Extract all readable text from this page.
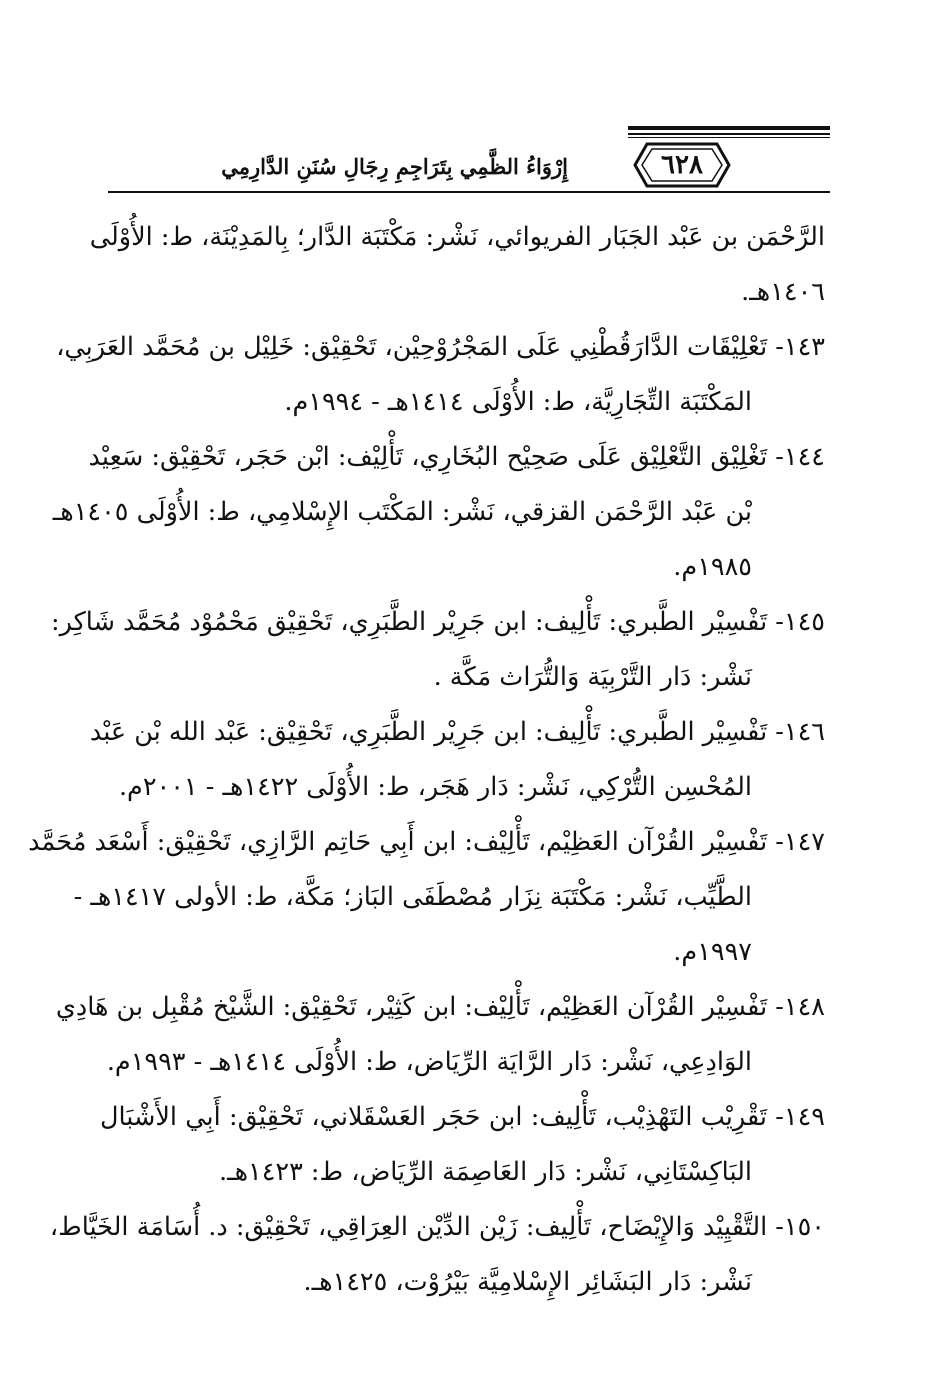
٦٢٨
إِرْوَاءُ الظَّمِي بِتَرَاجِمِ رِجَالِ سُنَنِ الدَّارِمِي
الرَّحْمَن بن عَبْد الجَبَار الفريوائي، نَشْر: مَكْتَبَة الدَّار؛ بِالمَدِيْنَة، ط: الأُوْلَى
١٤٠٦هـ.
١٤٣- تَعْلِيْقَات الدَّارَقُطْنِي عَلَى المَجْرُوْحِيْن، تَحْقِيْق: خَلِيْل بن مُحَمَّد العَرَبِي،
المَكْتَبَة التِّجَارِيَّة، ط: الأُوْلَى ١٤١٤هـ - ١٩٩٤م.
١٤٤- تَغْلِيْق التَّعْلِيْق عَلَى صَحِيْح البُخَارِي، تَأْلِيْف: ابْن حَجَر، تَحْقِيْق: سَعِيْد
بْن عَبْد الرَّحْمَن القزقي، نَشْر: المَكْتَب الإِسْلامِي، ط: الأُوْلَى ١٤٠٥هـ
١٩٨٥م.
١٤٥- تَفْسِيْر الطَّبري: تَأْلِيف: ابن جَرِيْر الطَّبَرِي، تَحْقِيْق مَحْمُوْد مُحَمَّد شَاكِر:
نَشْر: دَار التَّرْبِيَة وَالتُّرَاث مَكَّة .
١٤٦- تَفْسِيْر الطَّبري: تَأْلِيف: ابن جَرِيْر الطَّبَرِي، تَحْقِيْق: عَبْد الله بْن عَبْد
المُحْسِن التُّرْكِي، نَشْر: دَار هَجَر، ط: الأُوْلَى ١٤٢٢هـ - ٢٠٠١م.
١٤٧- تَفْسِيْر القُرْآن العَظِيْم، تَأْلِيْف: ابن أَبِي حَاتِم الرَّازِي، تَحْقِيْق: أَسْعَد مُحَمَّد
الطَّيِّب، نَشْر: مَكْتَبَة نِزَار مُصْطَفَى البَاز؛ مَكَّة، ط: الأولى ١٤١٧هـ -
١٩٩٧م.
١٤٨- تَفْسِيْر القُرْآن العَظِيْم، تَأْلِيْف: ابن كَثِيْر، تَحْقِيْق: الشَّيْخ مُقْبِل بن هَادِي
الوَادِعِي، نَشْر: دَار الرَّايَة الرِّيَاض، ط: الأُوْلَى ١٤١٤هـ - ١٩٩٣م.
١٤٩- تَقْرِيْب التَهْذِيْب، تَأْلِيف: ابن حَجَر العَسْقَلاني، تَحْقِيْق: أَبِي الأَشْبَال
البَاكِسْتَانِي، نَشْر: دَار العَاصِمَة الرِّيَاض، ط: ١٤٢٣هـ.
١٥٠- التَّقْيِيْد وَالإِيْضَاح، تَأْلِيف: زَيْن الدِّيْن العِرَاقِي، تَحْقِيْق: د. أُسَامَة الخَيَّاط،
نَشْر: دَار البَشَائِر الإِسْلامِيَّة بَيْرُوْت، ١٤٢٥هـ.
